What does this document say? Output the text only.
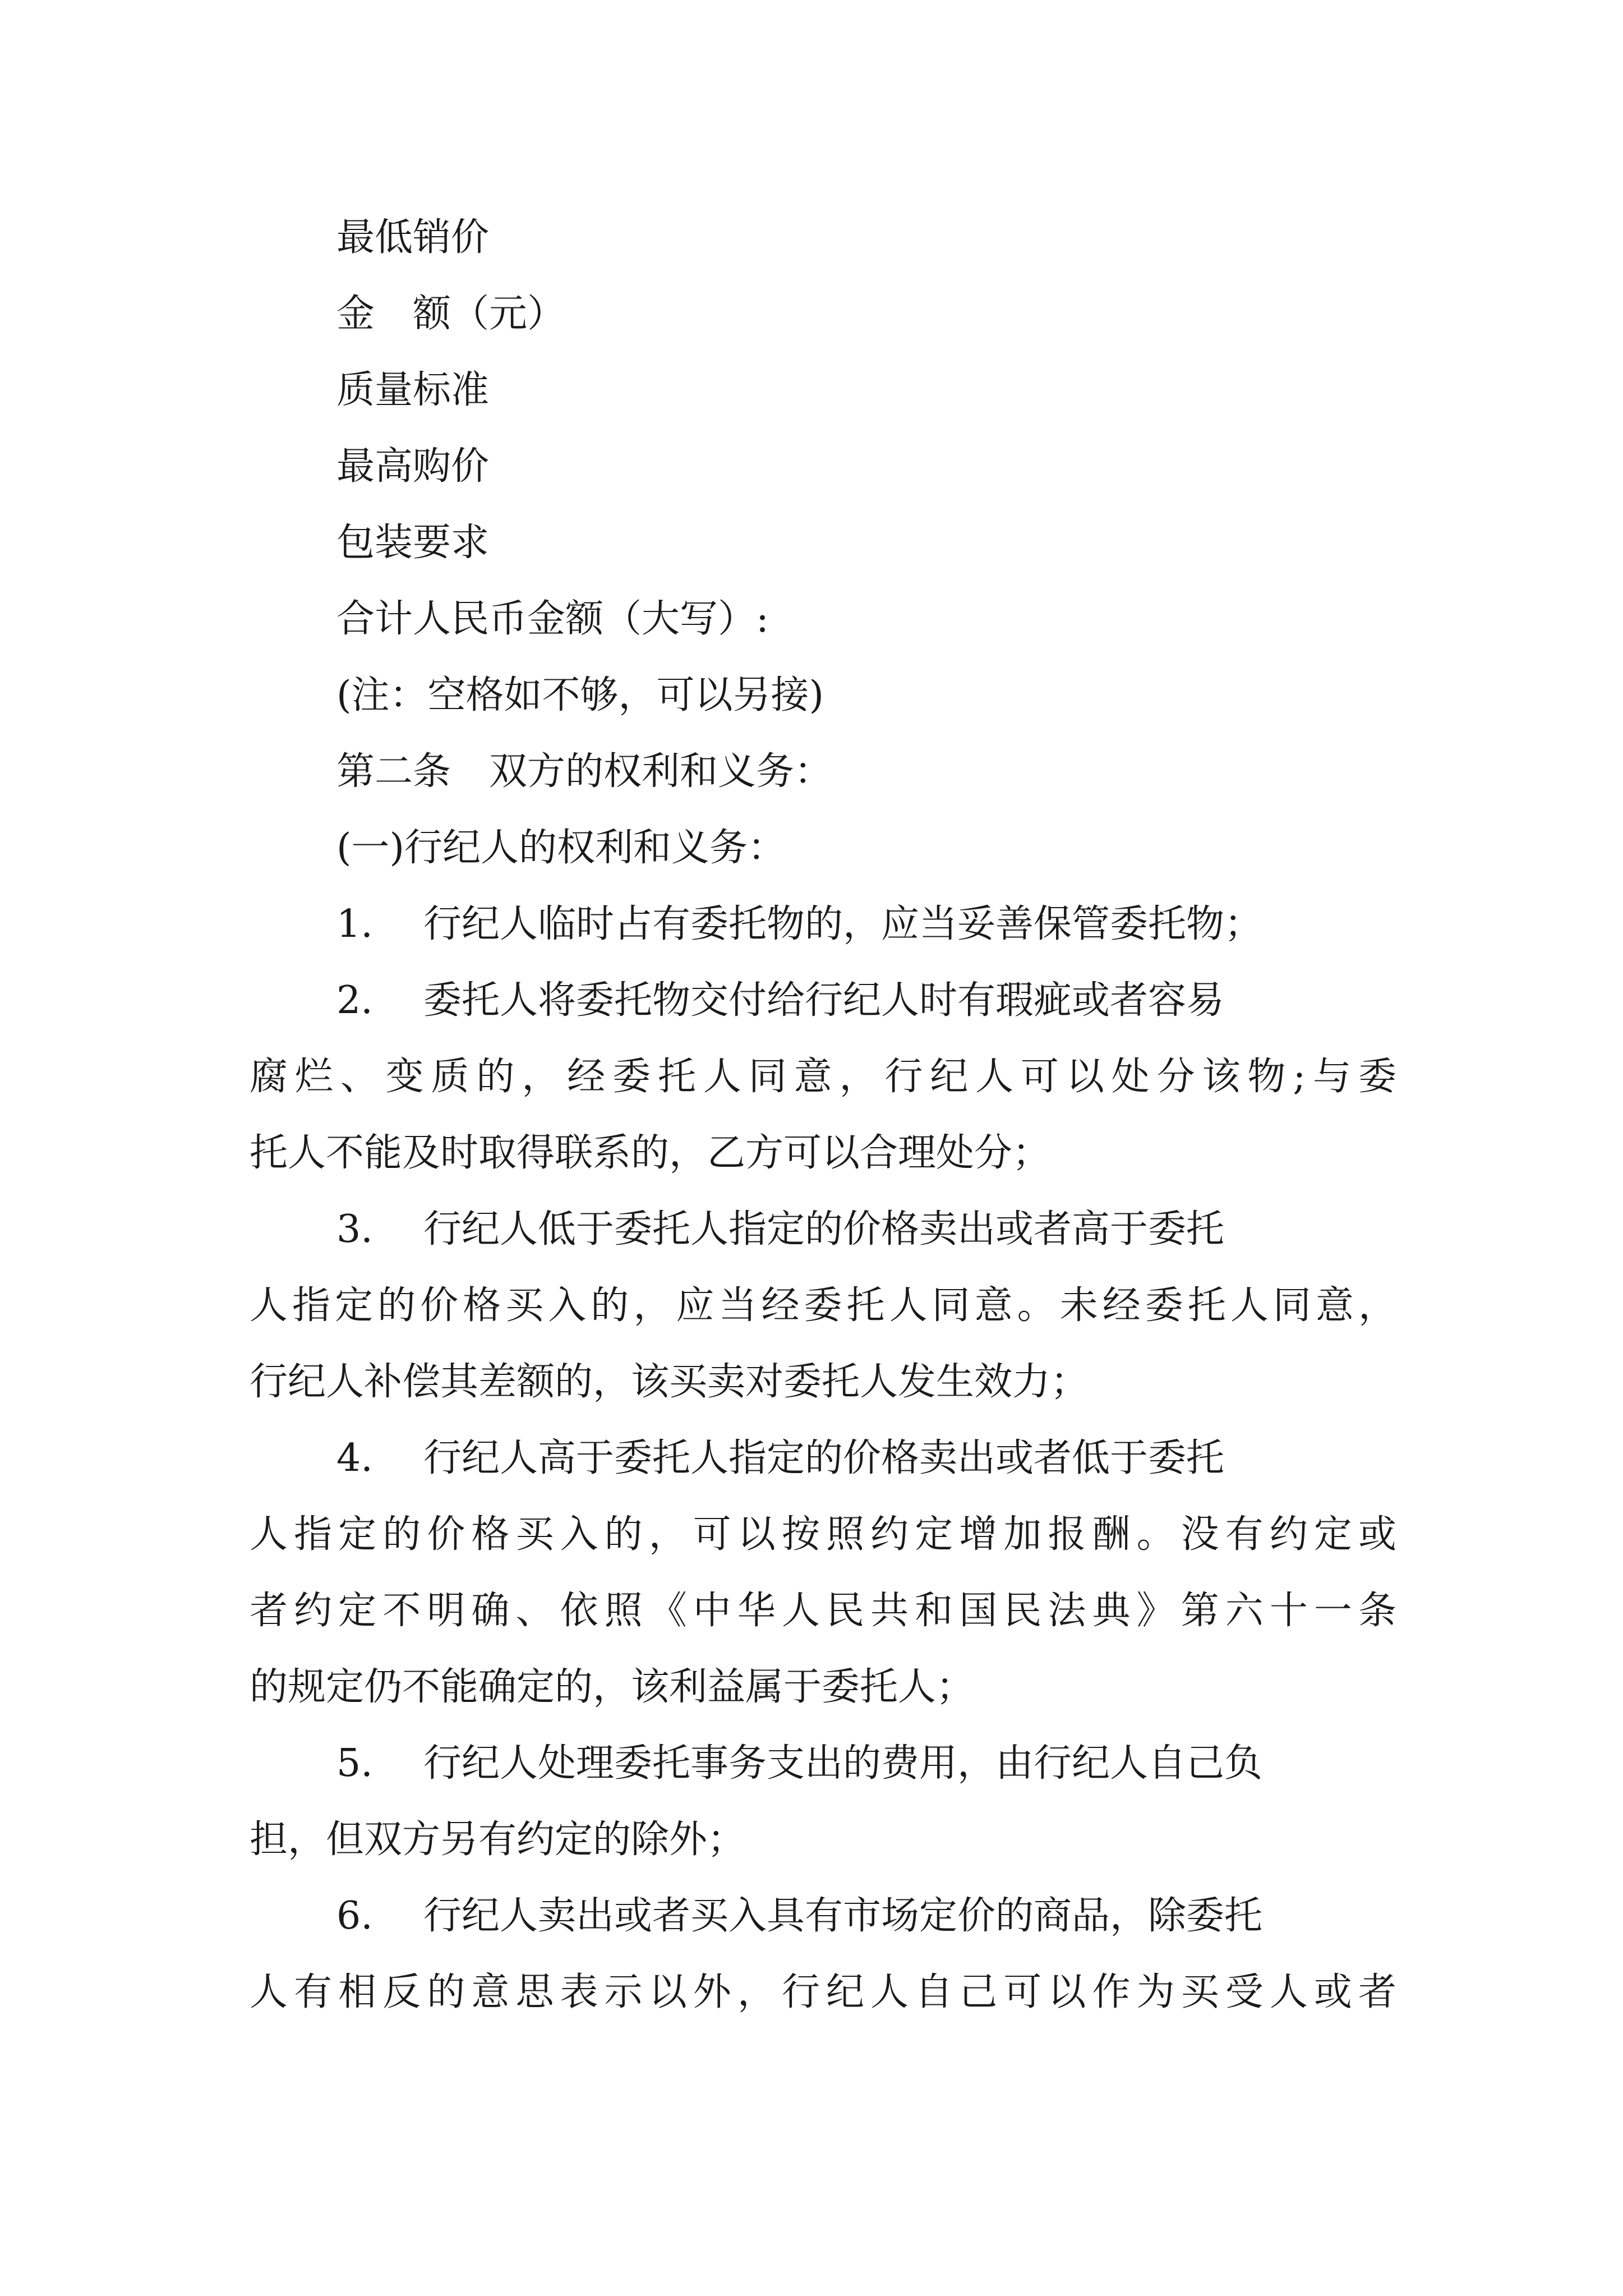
最低销价
金　额（元）
质量标准
最高购价
包装要求
合计人民币金额（大写）:
(注：空格如不够，可以另接)
第二条　双方的权利和义务：
(一)行纪人的权利和义务：
1. 行纪人临时占有委托物的，应当妥善保管委托物；
2. 委托人将委托物交付给行纪人时有瑕疵或者容易
腐烂、变质的，经委托人同意，行纪人可以处分该物;与委
托人不能及时取得联系的，乙方可以合理处分；
3. 行纪人低于委托人指定的价格卖出或者高于委托
人指定的价格买入的，应当经委托人同意。未经委托人同意，
行纪人补偿其差额的，该买卖对委托人发生效力；
4. 行纪人高于委托人指定的价格卖出或者低于委托
人指定的价格买入的，可以按照约定增加报酬。没有约定或
者约定不明确、依照《中华人民共和国民法典》第六十一条
的规定仍不能确定的，该利益属于委托人；
5. 行纪人处理委托事务支出的费用，由行纪人自己负
担，但双方另有约定的除外；
6. 行纪人卖出或者买入具有市场定价的商品，除委托
人有相反的意思表示以外，行纪人自己可以作为买受人或者
